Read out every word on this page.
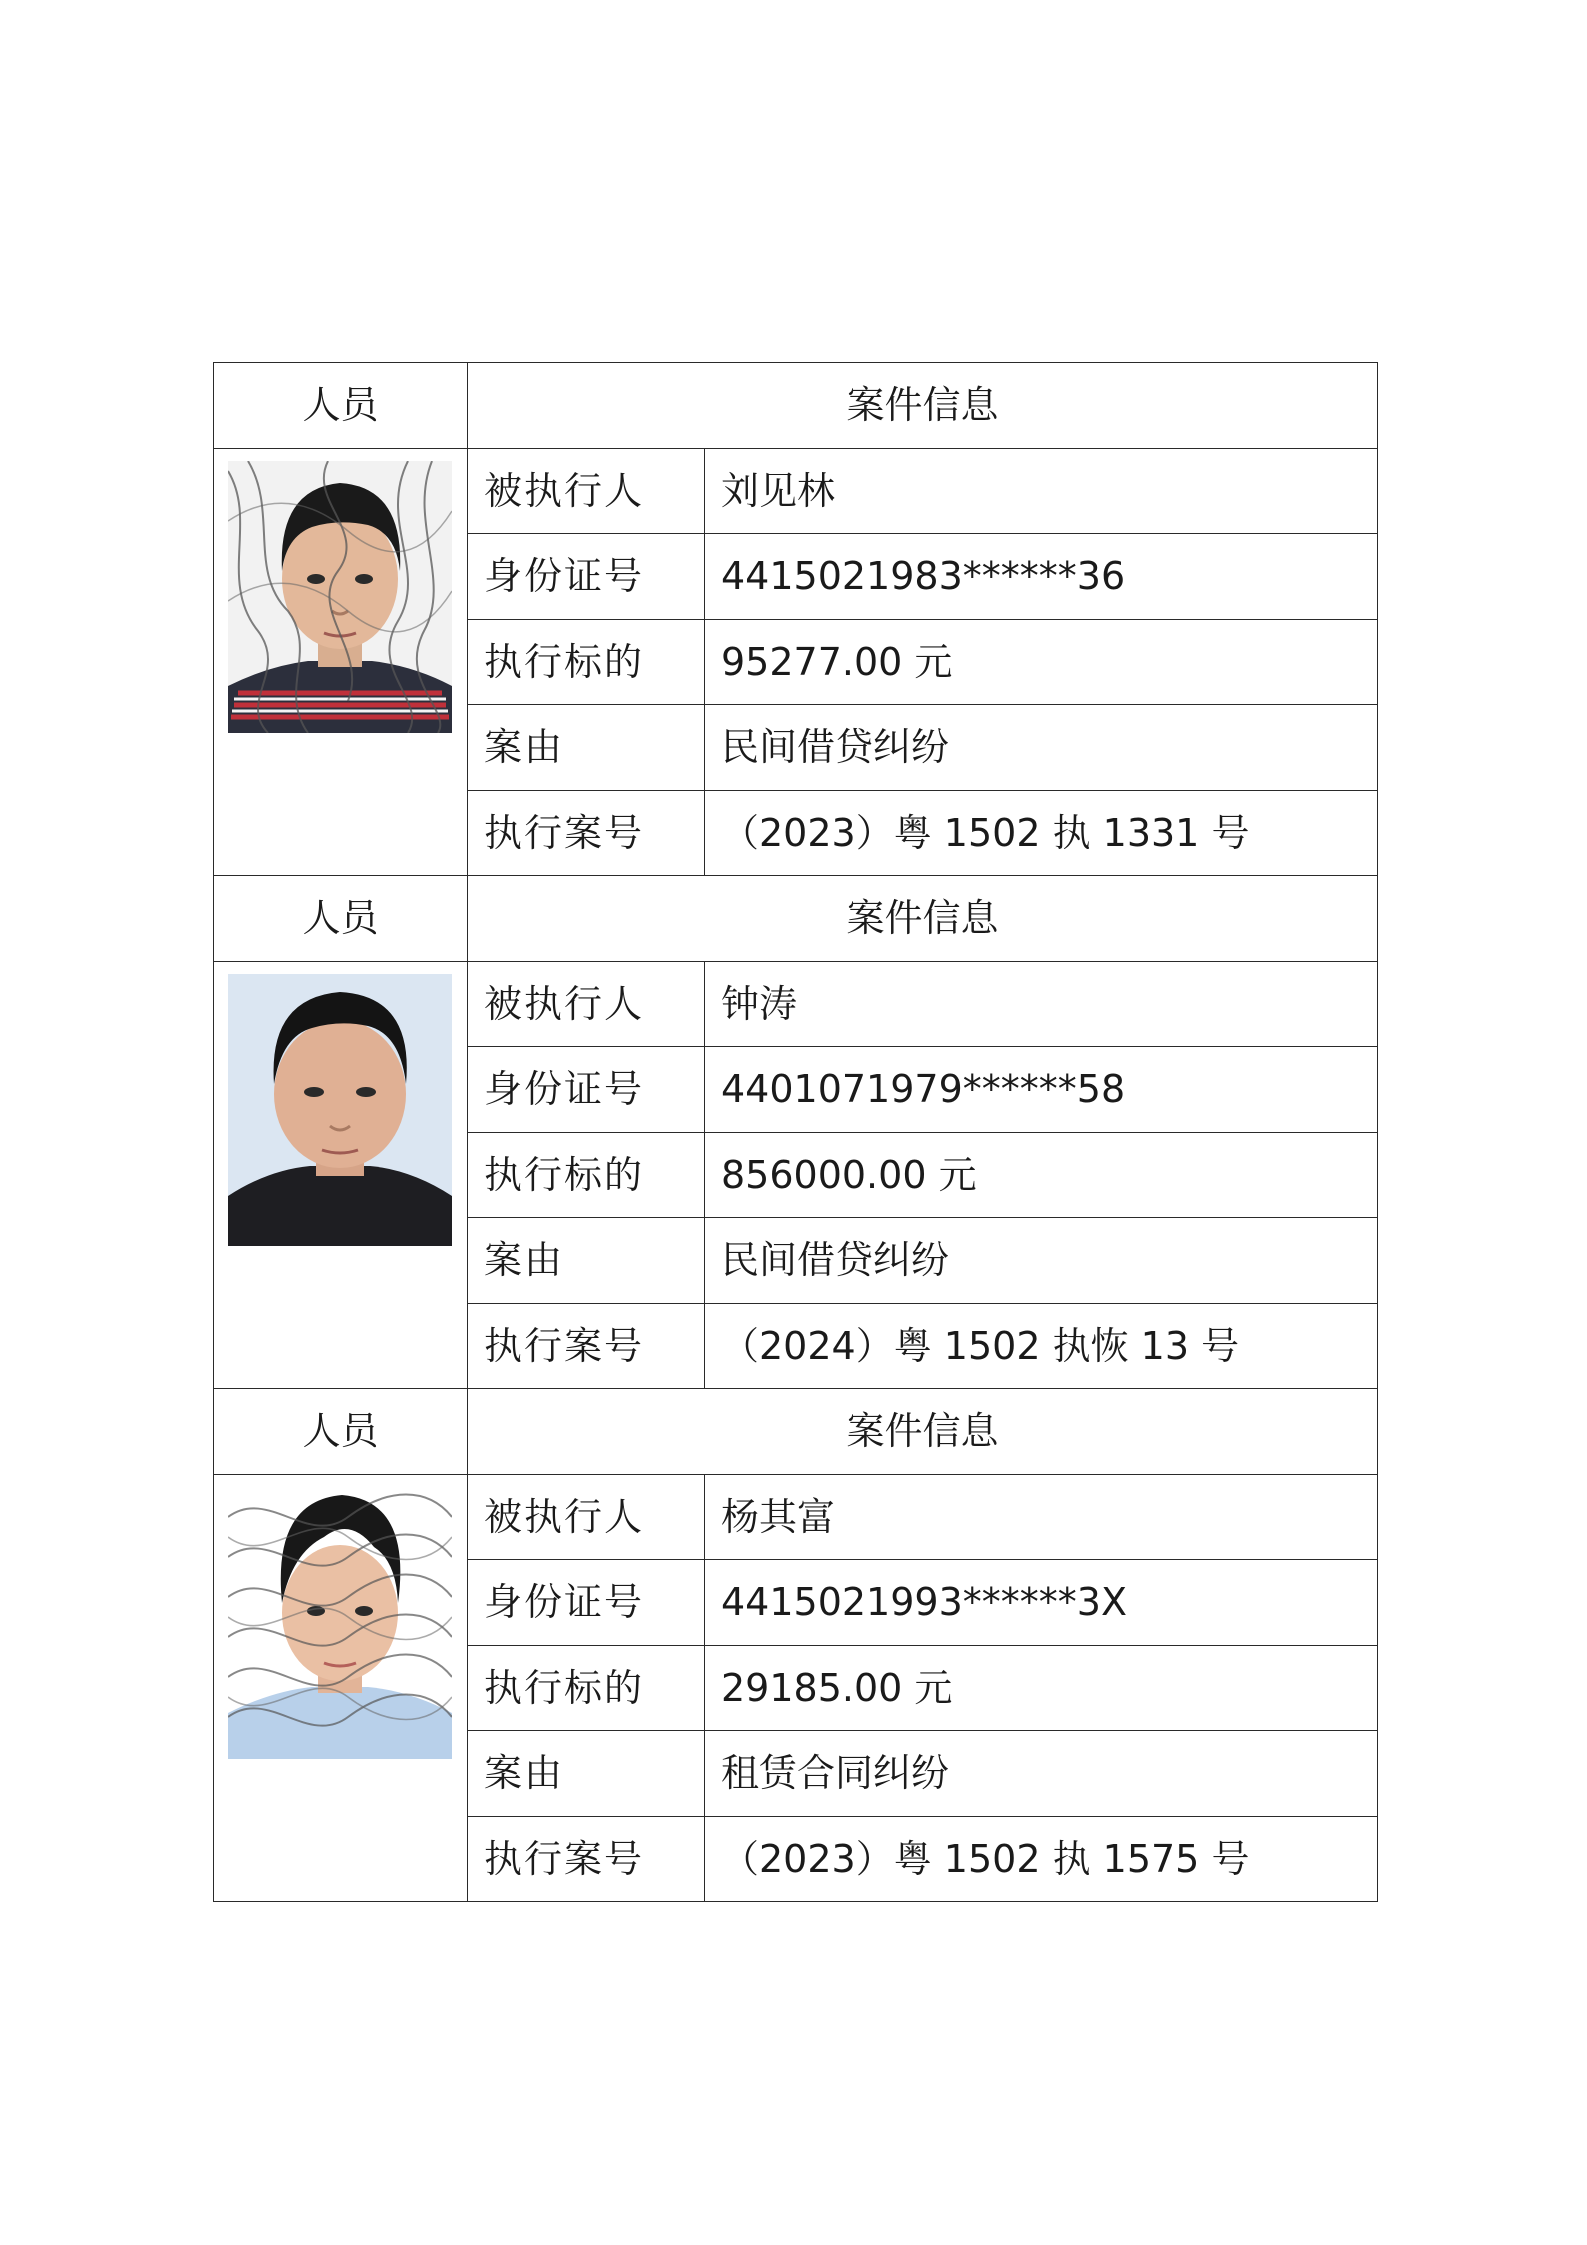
人员	案件信息	

	被执行人	刘见林
	身份证号	4415021983******36
	执行标的	95277.00 元
	案由	民间借贷纠纷
	执行案号	（2023）粤 1502 执 1331 号
人员	案件信息	

	被执行人	钟涛
	身份证号	4401071979******58
	执行标的	856000.00 元
	案由	民间借贷纠纷
	执行案号	（2024）粤 1502 执恢 13 号
人员	案件信息	

	被执行人	杨其富
	身份证号	4415021993******3X
	执行标的	29185.00 元
	案由	租赁合同纠纷
	执行案号	（2023）粤 1502 执 1575 号
